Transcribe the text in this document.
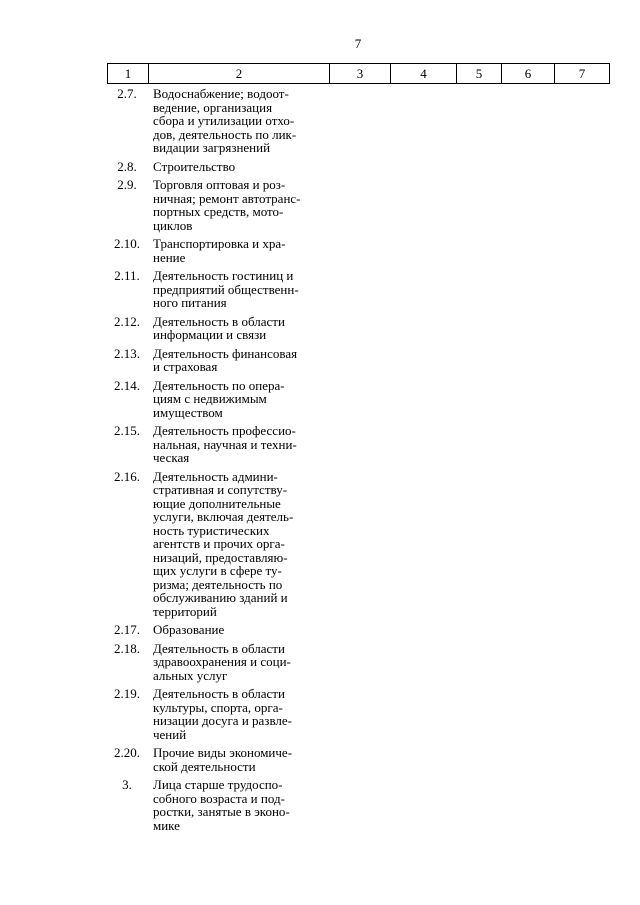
7
1	2	3	4	5	6	7
2.7.	Водоснабжение; водоот-
ведение, организация
сбора и утилизации отхо-
дов, деятельность по лик-
видации загрязнений
2.8.	Строительство
2.9.	Торговля оптовая и роз-
ничная; ремонт автотранс-
портных средств, мото-
циклов
2.10.	Транспортировка и хра-
нение
2.11.	Деятельность гостиниц и
предприятий общественн-
ного питания
2.12.	Деятельность в области
информации и связи
2.13.	Деятельность финансовая
и страховая
2.14.	Деятельность по опера-
циям с недвижимым
имуществом
2.15.	Деятельность профессио-
нальная, научная и техни-
ческая
2.16.	Деятельность админи-
стративная и сопутству-
ющие дополнительные
услуги, включая деятель-
ность туристических
агентств и прочих орга-
низаций, предоставляю-
щих услуги в сфере ту-
ризма; деятельность по
обслуживанию зданий и
территорий
2.17.	Образование
2.18.	Деятельность в области
здравоохранения и соци-
альных услуг
2.19.	Деятельность в области
культуры, спорта, орга-
низации досуга и развле-
чений
2.20.	Прочие виды экономиче-
ской деятельности
3.	Лица старше трудоспо-
собного возраста и под-
ростки, занятые в эконо-
мике
